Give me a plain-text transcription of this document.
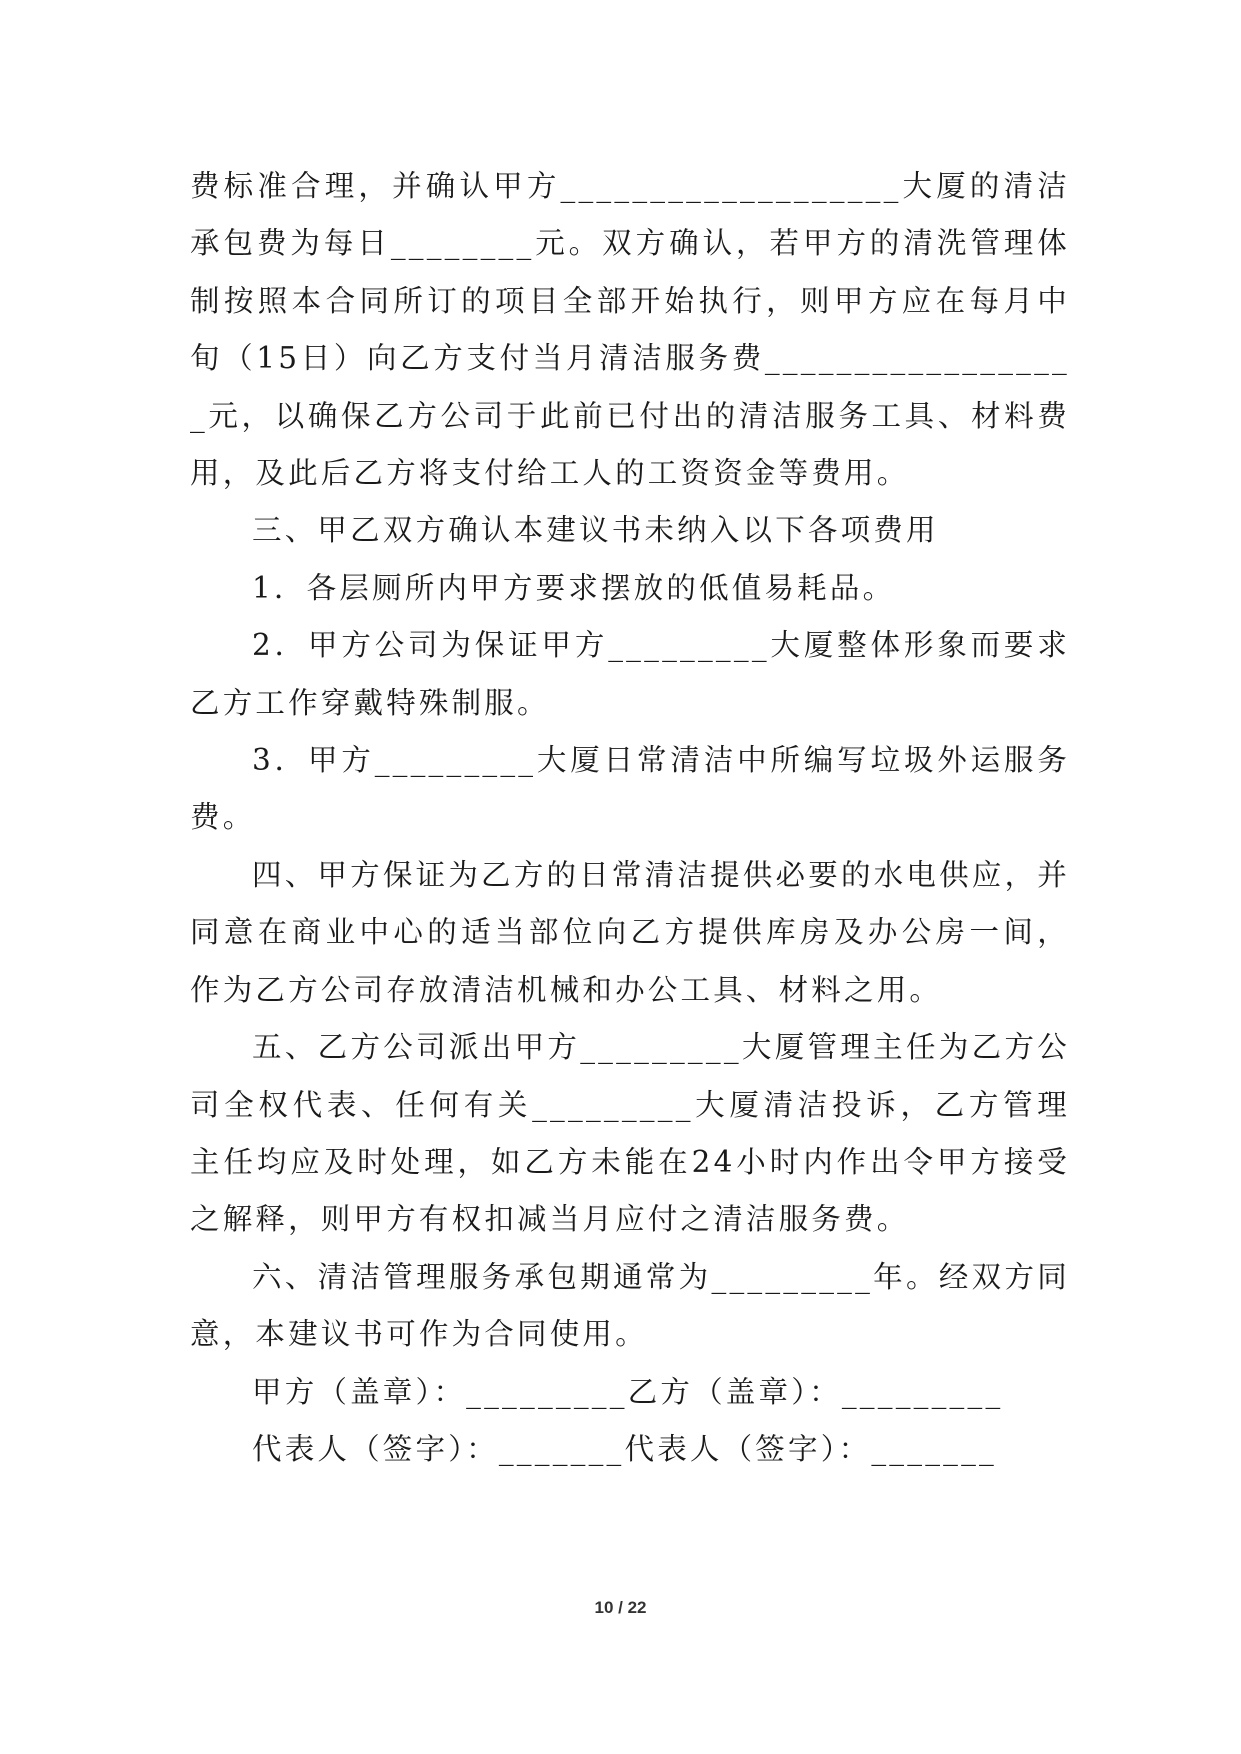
费标准合理，并确认甲方___________________大厦的清洁承包费为每日________元。双方确认，若甲方的清洗管理体制按照本合同所订的项目全部开始执行，则甲方应在每月中旬（15日）向乙方支付当月清洁服务费__________________元，以确保乙方公司于此前已付出的清洁服务工具、材料费用，及此后乙方将支付给工人的工资资金等费用。

三、甲乙双方确认本建议书未纳入以下各项费用

1．各层厕所内甲方要求摆放的低值易耗品。

2．甲方公司为保证甲方_________大厦整体形象而要求乙方工作穿戴特殊制服。

3．甲方_________大厦日常清洁中所编写垃圾外运服务费。

四、甲方保证为乙方的日常清洁提供必要的水电供应，并同意在商业中心的适当部位向乙方提供库房及办公房一间，作为乙方公司存放清洁机械和办公工具、材料之用。

五、乙方公司派出甲方_________大厦管理主任为乙方公司全权代表、任何有关_________大厦清洁投诉，乙方管理主任均应及时处理，如乙方未能在24小时内作出令甲方接受之解释，则甲方有权扣减当月应付之清洁服务费。

六、清洁管理服务承包期通常为_________年。经双方同意，本建议书可作为合同使用。

甲方（盖章）：_________乙方（盖章）：_________

代表人（签字）：_______代表人（签字）：_______

10 / 22
